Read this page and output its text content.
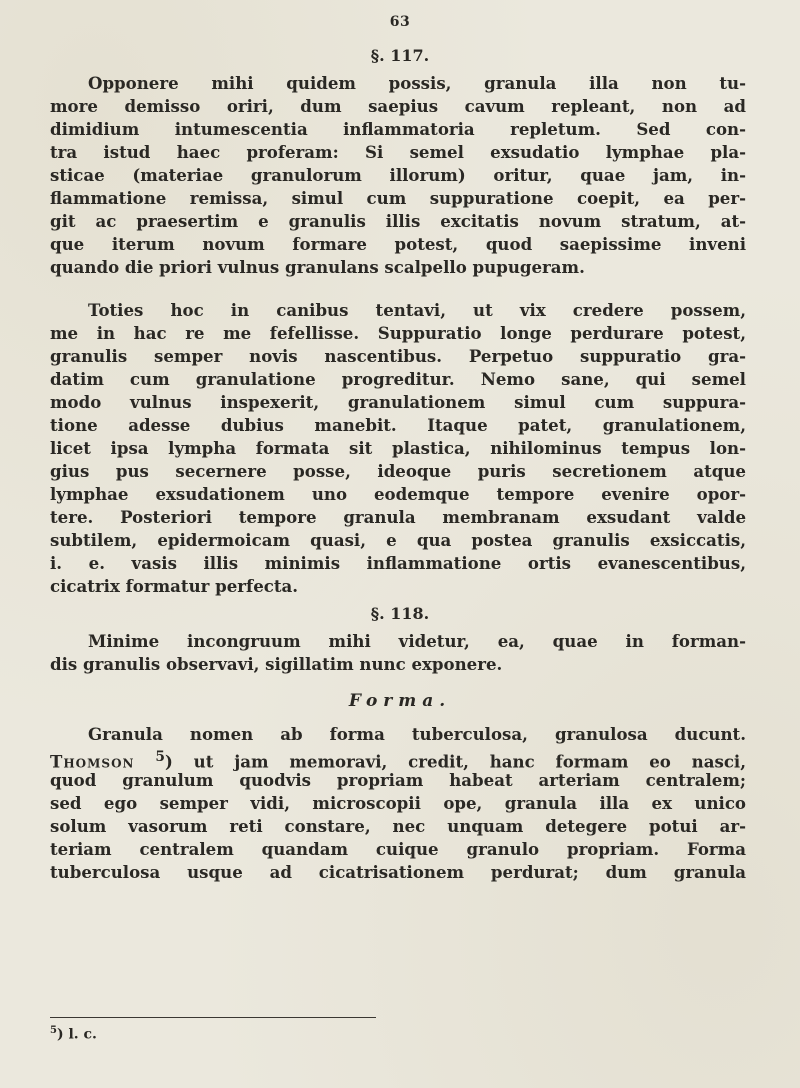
63
§. 117.
Opponere mihi quidem possis, granula illa non tu-
more demisso oriri, dum saepius cavum repleant, non ad
dimidium intumescentia inflammatoria repletum. Sed con-
tra istud haec proferam: Si semel exsudatio lymphae pla-
sticae (materiae granulorum illorum) oritur, quae jam, in-
flammatione remissa, simul cum suppuratione coepit, ea per-
git ac praesertim e granulis illis excitatis novum stratum, at-
que iterum novum formare potest, quod saepissime inveni
quando die priori vulnus granulans scalpello pupugeram.
Toties hoc in canibus tentavi, ut vix credere possem,
me in hac re me fefellisse. Suppuratio longe perdurare potest,
granulis semper novis nascentibus. Perpetuo suppuratio gra-
datim cum granulatione progreditur. Nemo sane, qui semel
modo vulnus inspexerit, granulationem simul cum suppura-
tione adesse dubius manebit. Itaque patet, granulationem,
licet ipsa lympha formata sit plastica, nihilominus tempus lon-
gius pus secernere posse, ideoque puris secretionem atque
lymphae exsudationem uno eodemque tempore evenire opor-
tere. Posteriori tempore granula membranam exsudant valde
subtilem, epidermoicam quasi, e qua postea granulis exsiccatis,
i. e. vasis illis minimis inflammatione ortis evanescentibus,
cicatrix formatur perfecta.
§. 118.
Minime incongruum mihi videtur, ea, quae in forman-
dis granulis observavi, sigillatim nunc exponere.
Forma.
Granula nomen ab forma tuberculosa, granulosa ducunt.
Thomson $^5$) ut jam memoravi, credit, hanc formam eo nasci,
quod granulum quodvis propriam habeat arteriam centralem;
sed ego semper vidi, microscopii ope, granula illa ex unico
solum vasorum reti constare, nec unquam detegere potui ar-
teriam centralem quandam cuique granulo propriam. Forma
tuberculosa usque ad cicatrisationem perdurat; dum granula
$^5$) l. c.
